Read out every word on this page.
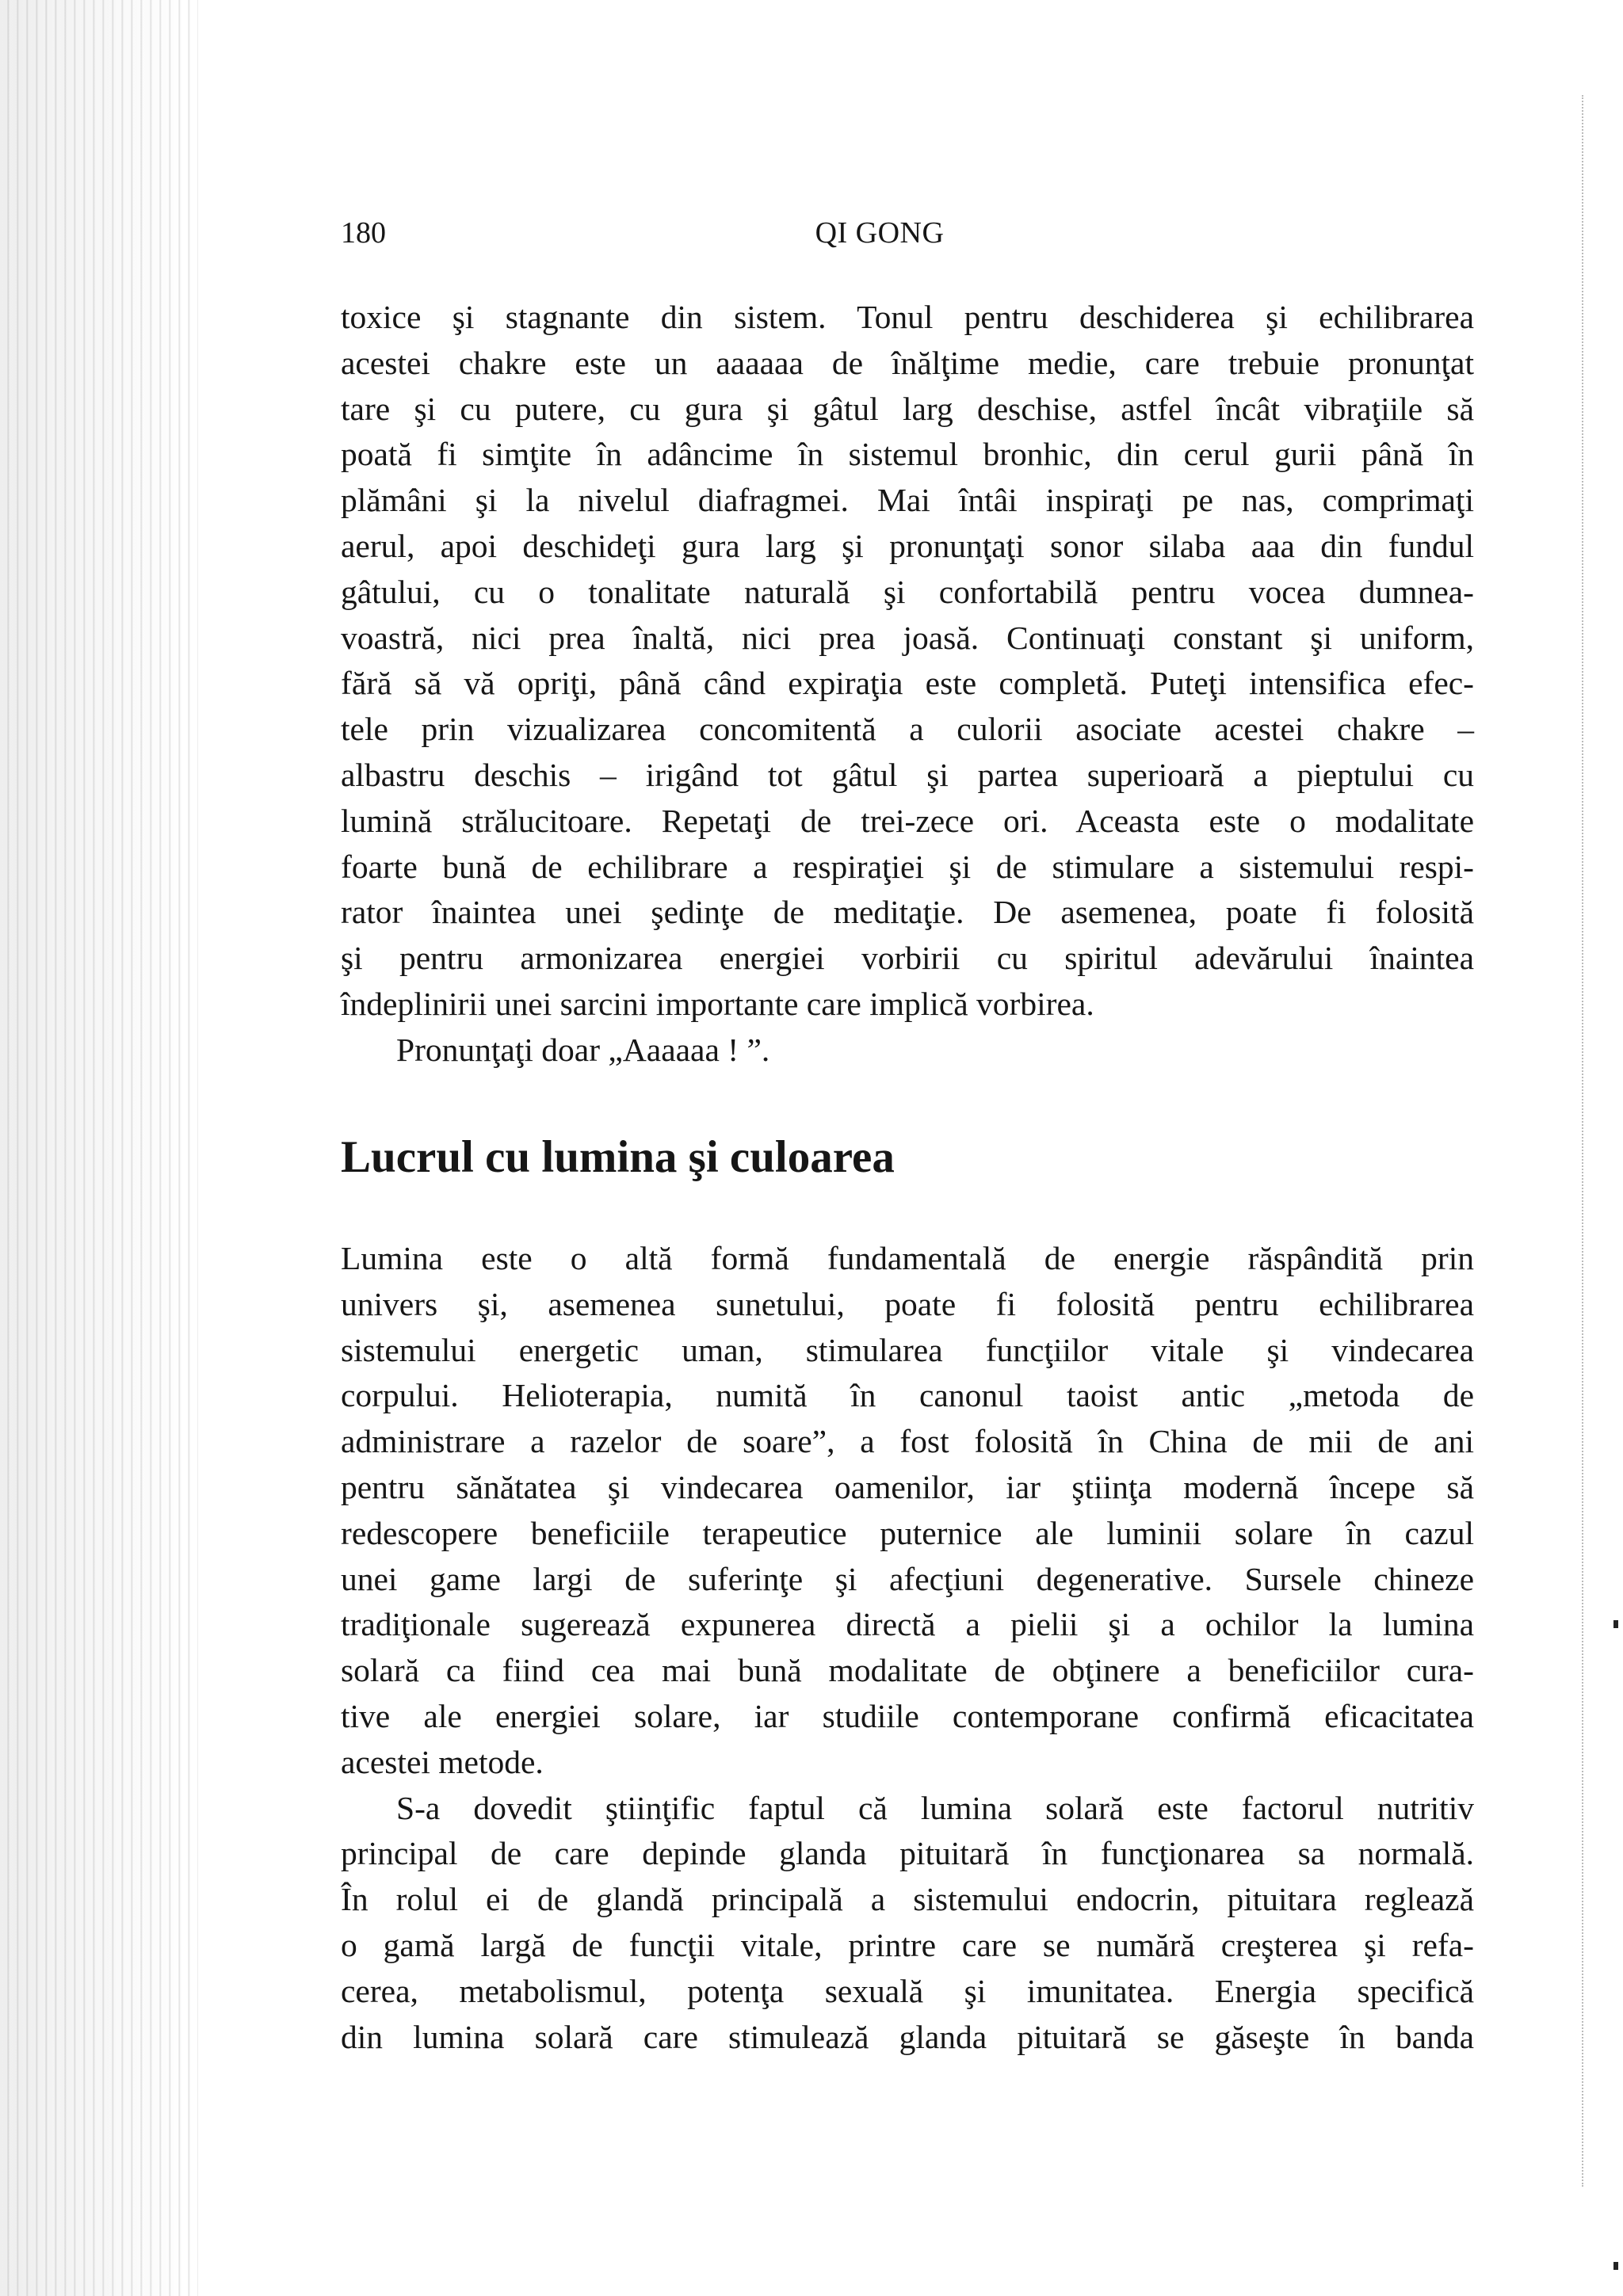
180	QI GONG
toxice şi stagnante din sistem. Tonul pentru deschiderea şi echilibrarea
acestei chakre este un aaaaaa de înălţime medie, care trebuie pronunţat
tare şi cu putere, cu gura şi gâtul larg deschise, astfel încât vibraţiile să
poată fi simţite în adâncime în sistemul bronhic, din cerul gurii până în
plămâni şi la nivelul diafragmei. Mai întâi inspiraţi pe nas, comprimaţi
aerul, apoi deschideţi gura larg şi pronunţaţi sonor silaba aaa din fundul
gâtului, cu o tonalitate naturală şi confortabilă pentru vocea dumnea-
voastră, nici prea înaltă, nici prea joasă. Continuaţi constant şi uniform,
fără să vă opriţi, până când expiraţia este completă. Puteţi intensifica efec-
tele prin vizualizarea concomitentă a culorii asociate acestei chakre –
albastru deschis – irigând tot gâtul şi partea superioară a pieptului cu
lumină strălucitoare. Repetaţi de trei-zece ori. Aceasta este o modalitate
foarte bună de echilibrare a respiraţiei şi de stimulare a sistemului respi-
rator înaintea unei şedinţe de meditaţie. De asemenea, poate fi folosită
şi pentru armonizarea energiei vorbirii cu spiritul adevărului înaintea
îndeplinirii unei sarcini importante care implică vorbirea.
Pronunţaţi doar „Aaaaaa ! ”.
Lucrul cu lumina şi culoarea
Lumina este o altă formă fundamentală de energie răspândită prin
univers şi, asemenea sunetului, poate fi folosită pentru echilibrarea
sistemului energetic uman, stimularea funcţiilor vitale şi vindecarea
corpului. Helioterapia, numită în canonul taoist antic „metoda de
administrare a razelor de soare”, a fost folosită în China de mii de ani
pentru sănătatea şi vindecarea oamenilor, iar ştiinţa modernă începe să
redescopere beneficiile terapeutice puternice ale luminii solare în cazul
unei game largi de suferinţe şi afecţiuni degenerative. Sursele chineze
tradiţionale sugerează expunerea directă a pielii şi a ochilor la lumina
solară ca fiind cea mai bună modalitate de obţinere a beneficiilor cura-
tive ale energiei solare, iar studiile contemporane confirmă eficacitatea
acestei metode.
S-a dovedit ştiinţific faptul că lumina solară este factorul nutritiv
principal de care depinde glanda pituitară în funcţionarea sa normală.
În rolul ei de glandă principală a sistemului endocrin, pituitara reglează
o gamă largă de funcţii vitale, printre care se numără creşterea şi refa-
cerea, metabolismul, potenţa sexuală şi imunitatea. Energia specifică
din lumina solară care stimulează glanda pituitară se găseşte în banda
